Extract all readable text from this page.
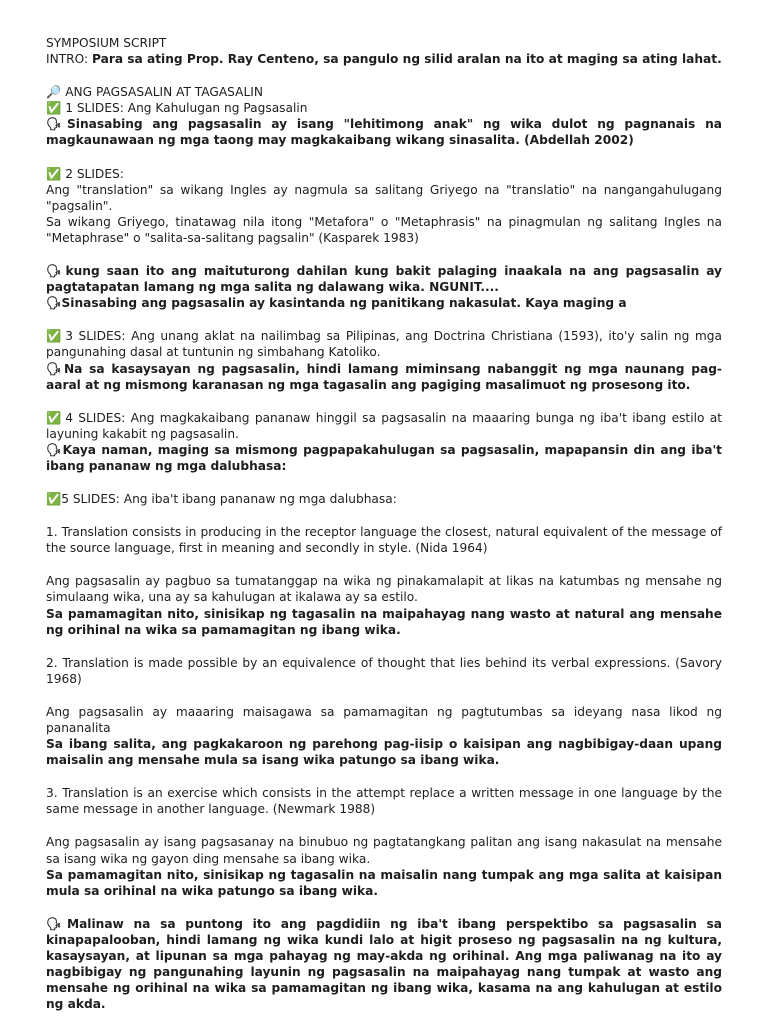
SYMPOSIUM SCRIPT

INTRO: Para sa ating Prop. Ray Centeno, sa pangulo ng silid aralan na ito at maging sa ating lahat.

🔎 ANG PAGSASALIN AT TAGASALIN

✅ 1 SLIDES: Ang Kahulugan ng Pagsasalin

🗣Sinasabing ang pagsasalin ay isang "lehitimong anak" ng wika dulot ng pagnanais na magkaunawaan ng mga taong may magkakaibang wikang sinasalita. (Abdellah 2002)

✅ 2 SLIDES:

Ang "translation" sa wikang Ingles ay nagmula sa salitang Griyego na "translatio" na nangangahulugang "pagsalin".

Sa wikang Griyego, tinatawag nila itong "Metafora" o "Metaphrasis" na pinagmulan ng salitang Ingles na "Metaphrase" o "salita-sa-salitang pagsalin" (Kasparek 1983)

🗣 kung saan ito ang maituturong dahilan kung bakit palaging inaakala na ang pagsasalin ay pagtatapatan lamang ng mga salita ng dalawang wika. NGUNIT....

🗣Sinasabing ang pagsasalin ay kasintanda ng panitikang nakasulat. Kaya maging a

✅ 3 SLIDES: Ang unang aklat na nailimbag sa Pilipinas, ang Doctrina Christiana (1593), ito'y salin ng mga pangunahing dasal at tuntunin ng simbahang Katoliko.

🗣Na sa kasaysayan ng pagsasalin, hindi lamang miminsang nabanggit ng mga naunang pag-aaral at ng mismong karanasan ng mga tagasalin ang pagiging masalimuot ng prosesong ito.

✅ 4 SLIDES: Ang magkakaibang pananaw hinggil sa pagsasalin na maaaring bunga ng iba't ibang estilo at layuning kakabit ng pagsasalin.

🗣Kaya naman, maging sa mismong pagpapakahulugan sa pagsasalin, mapapansin din ang iba't ibang pananaw ng mga dalubhasa:

✅5 SLIDES: Ang iba't ibang pananaw ng mga dalubhasa:

1. Translation consists in producing in the receptor language the closest, natural equivalent of the message of the source language, first in meaning and secondly in style. (Nida 1964)

Ang pagsasalin ay pagbuo sa tumatanggap na wika ng pinakamalapit at likas na katumbas ng mensahe ng simulaang wika, una ay sa kahulugan at ikalawa ay sa estilo.

Sa pamamagitan nito, sinisikap ng tagasalin na maipahayag nang wasto at natural ang mensahe ng orihinal na wika sa pamamagitan ng ibang wika.

2. Translation is made possible by an equivalence of thought that lies behind its verbal expressions. (Savory 1968)

Ang pagsasalin ay maaaring maisagawa sa pamamagitan ng pagtutumbas sa ideyang nasa likod ng pananalita

Sa ibang salita, ang pagkakaroon ng parehong pag-iisip o kaisipan ang nagbibigay-daan upang maisalin ang mensahe mula sa isang wika patungo sa ibang wika.

3. Translation is an exercise which consists in the attempt replace a written message in one language by the same message in another language. (Newmark 1988)

Ang pagsasalin ay isang pagsasanay na binubuo ng pagtatangkang palitan ang isang nakasulat na mensahe sa isang wika ng gayon ding mensahe sa ibang wika.

Sa pamamagitan nito, sinisikap ng tagasalin na maisalin nang tumpak ang mga salita at kaisipan mula sa orihinal na wika patungo sa ibang wika.

🗣Malinaw na sa puntong ito ang pagdidiin ng iba't ibang perspektibo sa pagsasalin sa kinapapalooban, hindi lamang ng wika kundi lalo at higit proseso ng pagsasalin na ng kultura, kasaysayan, at lipunan sa mga pahayag ng may-akda ng orihinal. Ang mga paliwanag na ito ay nagbibigay ng pangunahing layunin ng pagsasalin na maipahayag nang tumpak at wasto ang mensahe ng orihinal na wika sa pamamagitan ng ibang wika, kasama na ang kahulugan at estilo ng akda.
